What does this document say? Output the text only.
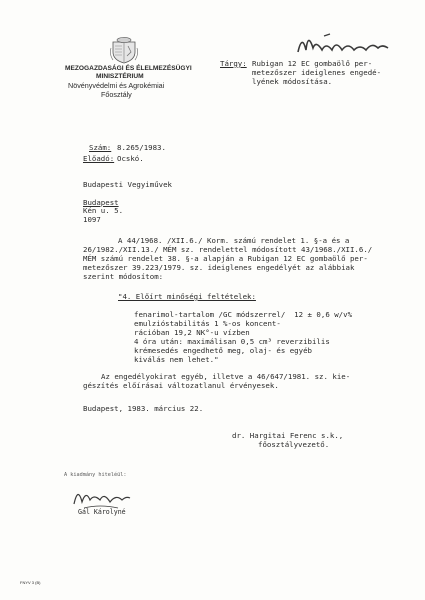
MEZOGAZDASÁGI ÉS ÉLELMEZÉSÜGYI
MINISZTÉRIUM
Növényvédelmi és Agrokémiai
Főosztály
Tárgy: Rubigan 12 EC gombaölő per-
metezőszer ideiglenes engedé-
lyének módosítása.
Szám: 8.265/1983.
Előadó: Ocskó.
Budapesti Vegyiművek
Budapest
Kén u. 5.
1097
A 44/1968. /XII.6./ Korm. számú rendelet 1. §-a és a
26/1982./XII.13./ MÉM sz. rendelettel módosított 43/1968./XII.6./
MÉM számú rendelet 38. §-a alapján a Rubigan 12 EC gombaölő per-
metezőszer 39.223/1979. sz. ideiglenes engedélyét az alábbiak
szerint módosítom:
"4. Előírt minőségi feltételek:
fenarimol-tartalom /GC módszerrel/  12 ± 0,6 w/v%
emulzióstabilitás 1 %-os koncent-
rációban 19,2 NK°-u vízben
4 óra után: maximálisan 0,5 cm³ reverzibilis
krémesedés engedhető meg, olaj- és egyéb
kiválás nem lehet."
Az engedélyokirat egyéb, illetve a 46/647/1981. sz. kie-
gészítés előírásai változatlanul érvényesek.
Budapest, 1983. március 22.
dr. Hargitai Ferenc s.k.,
főosztályvezető.
A kiadmány hiteléül:
Gál Károlyné
FNYV 3 (B)
